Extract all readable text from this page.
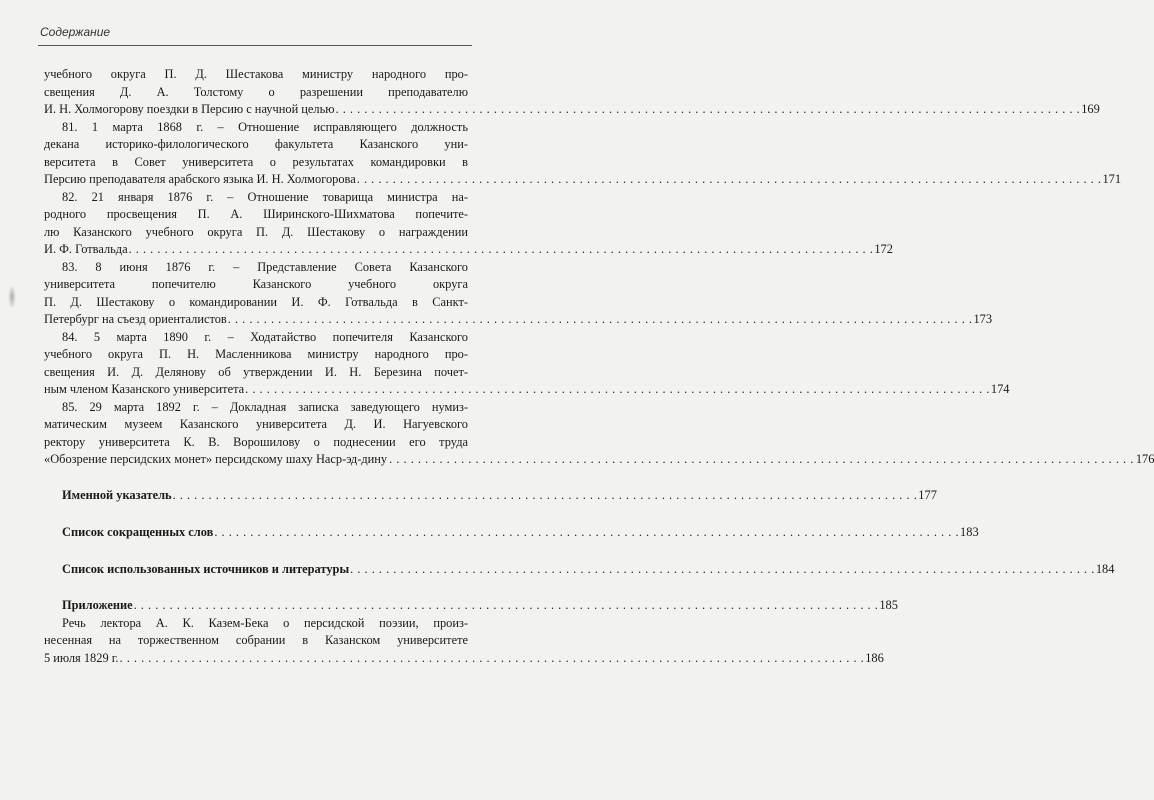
Содержание
учебного округа П. Д. Шестакова министру народного про-
свещения Д. А. Толстому о разрешении преподавателю
И. Н. Холмогорову поездки в Персию с научной целью . . .	169
81. 1 марта 1868 г. – Отношение исправляющего должность
декана историко-филологического факультета Казанского уни-
верситета в Совет университета о результатах командировки в
Персию преподавателя арабского языка И. Н. Холмогорова . . .	171
82. 21 января 1876 г. – Отношение товарища министра на-
родного просвещения П. А. Ширинского-Шихматова попечите-
лю Казанского учебного округа П. Д. Шестакову о награждении
И. Ф. Готвальда . . .	172
83. 8 июня 1876 г. – Представление Совета Казанского
университета попечителю Казанского учебного округа
П. Д. Шестакову о командировании И. Ф. Готвальда в Санкт-
Петербург на съезд ориенталистов . . .	173
84. 5 марта 1890 г. – Ходатайство попечителя Казанского
учебного округа П. Н. Масленникова министру народного про-
свещения И. Д. Делянову об утверждении И. Н. Березина почет-
ным членом Казанского университета . . .	174
85. 29 марта 1892 г. – Докладная записка заведующего нумиз-
матическим музеем Казанского университета Д. И. Нагуевского
ректору университета К. В. Ворошилову о поднесении его труда
«Обозрение персидских монет» персидскому шаху Наср-эд-дину . . .	176
Именной указатель . . .	177
Список сокращенных слов . . .	183
Список использованных источников и литературы . . .	184
Приложение . . .	185
Речь лектора А. К. Казем-Бека о персидской поэзии, произ-
несенная на торжественном собрании в Казанском университете
5 июля 1829 г. . . .	186
